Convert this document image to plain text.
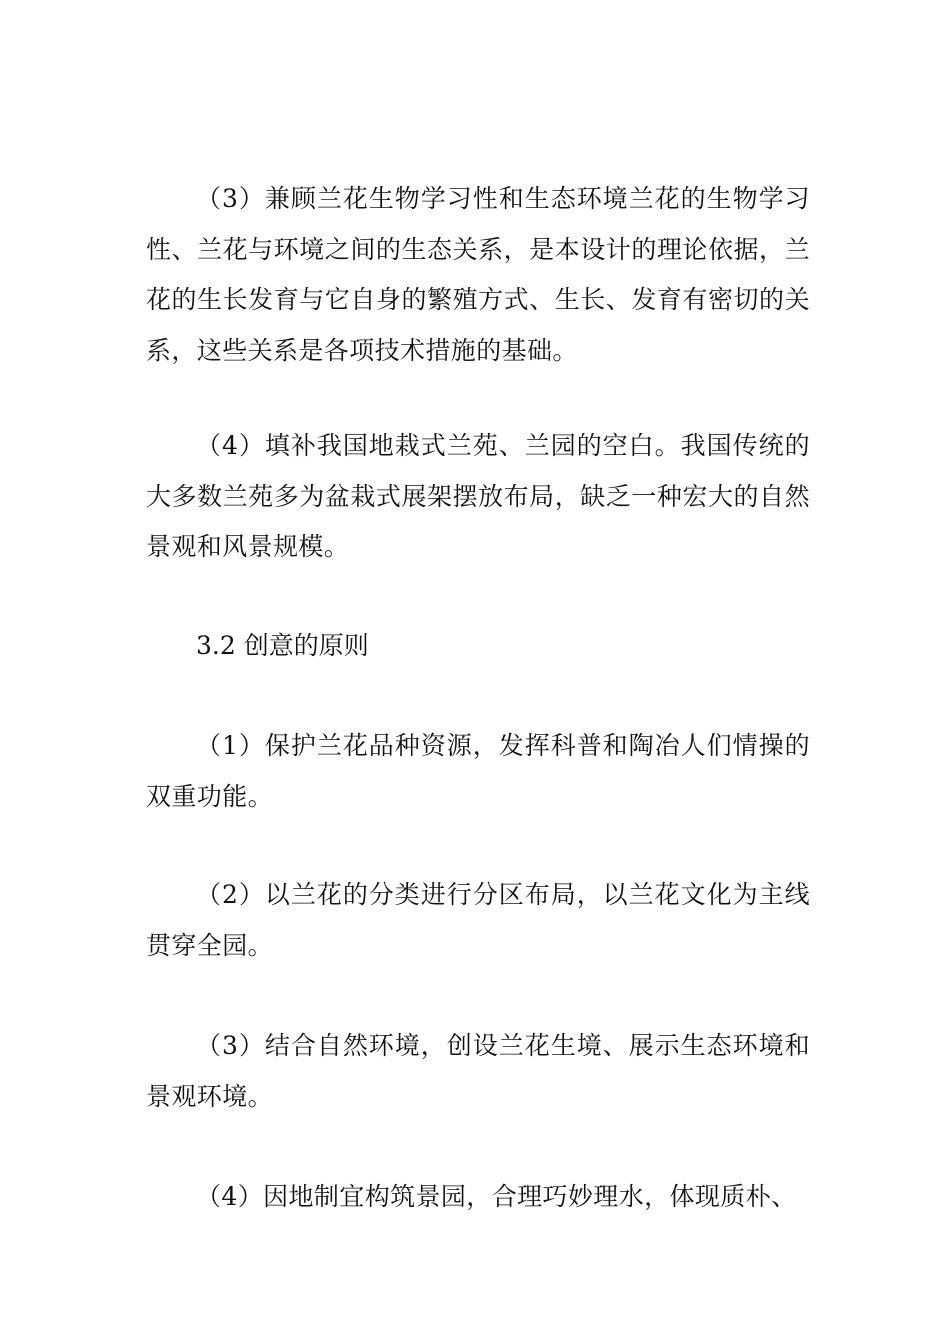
（3）兼顾兰花生物学习性和生态环境兰花的生物学习性、兰花与环境之间的生态关系，是本设计的理论依据，兰花的生长发育与它自身的繁殖方式、生长、发育有密切的关系，这些关系是各项技术措施的基础。

（4）填补我国地栽式兰苑、兰园的空白。我国传统的大多数兰苑多为盆栽式展架摆放布局，缺乏一种宏大的自然景观和风景规模。

3.2 创意的原则

（1）保护兰花品种资源，发挥科普和陶冶人们情操的双重功能。

（2）以兰花的分类进行分区布局，以兰花文化为主线贯穿全园。

（3）结合自然环境，创设兰花生境、展示生态环境和景观环境。

（4）因地制宜构筑景园，合理巧妙理水，体现质朴、
